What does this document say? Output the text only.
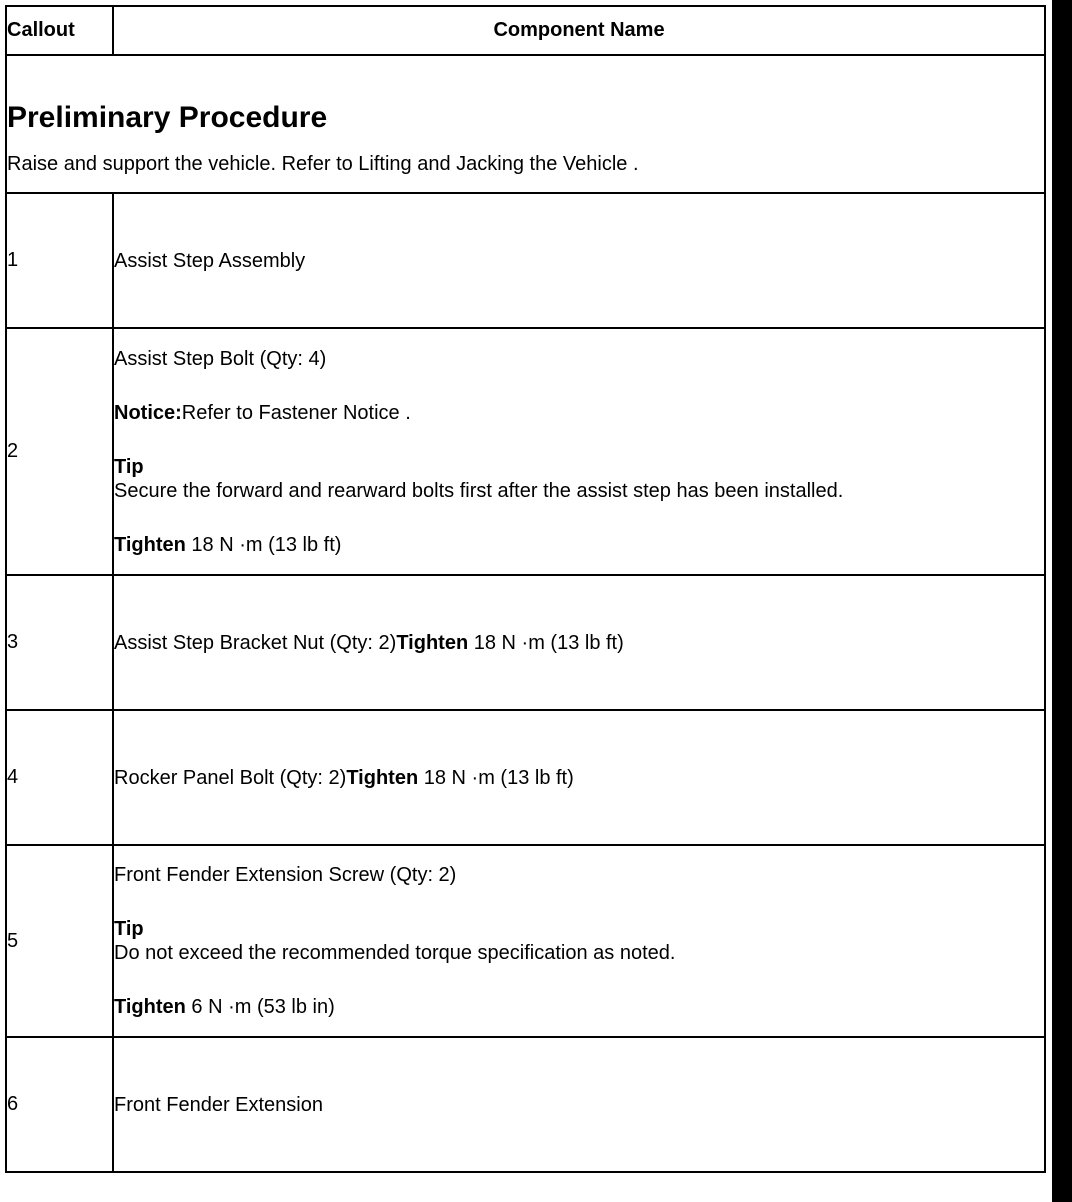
Callout	Component Name

Preliminary Procedure
Raise and support the vehicle. Refer to Lifting and Jacking the Vehicle .	

1	Assist Step Assembly

2	Assist Step Bolt (Qty: 4)

Notice:Refer to Fastener Notice .

Tip

Secure the forward and rearward bolts first after the assist step has been installed.

Tighten 18 N ·m (13 lb ft)

3	Assist Step Bracket Nut (Qty: 2)Tighten 18 N ·m (13 lb ft)

4	Rocker Panel Bolt (Qty: 2)Tighten 18 N ·m (13 lb ft)

5	Front Fender Extension Screw (Qty: 2)

Tip

Do not exceed the recommended torque specification as noted.

Tighten 6 N ·m (53 lb in)

6	Front Fender Extension
